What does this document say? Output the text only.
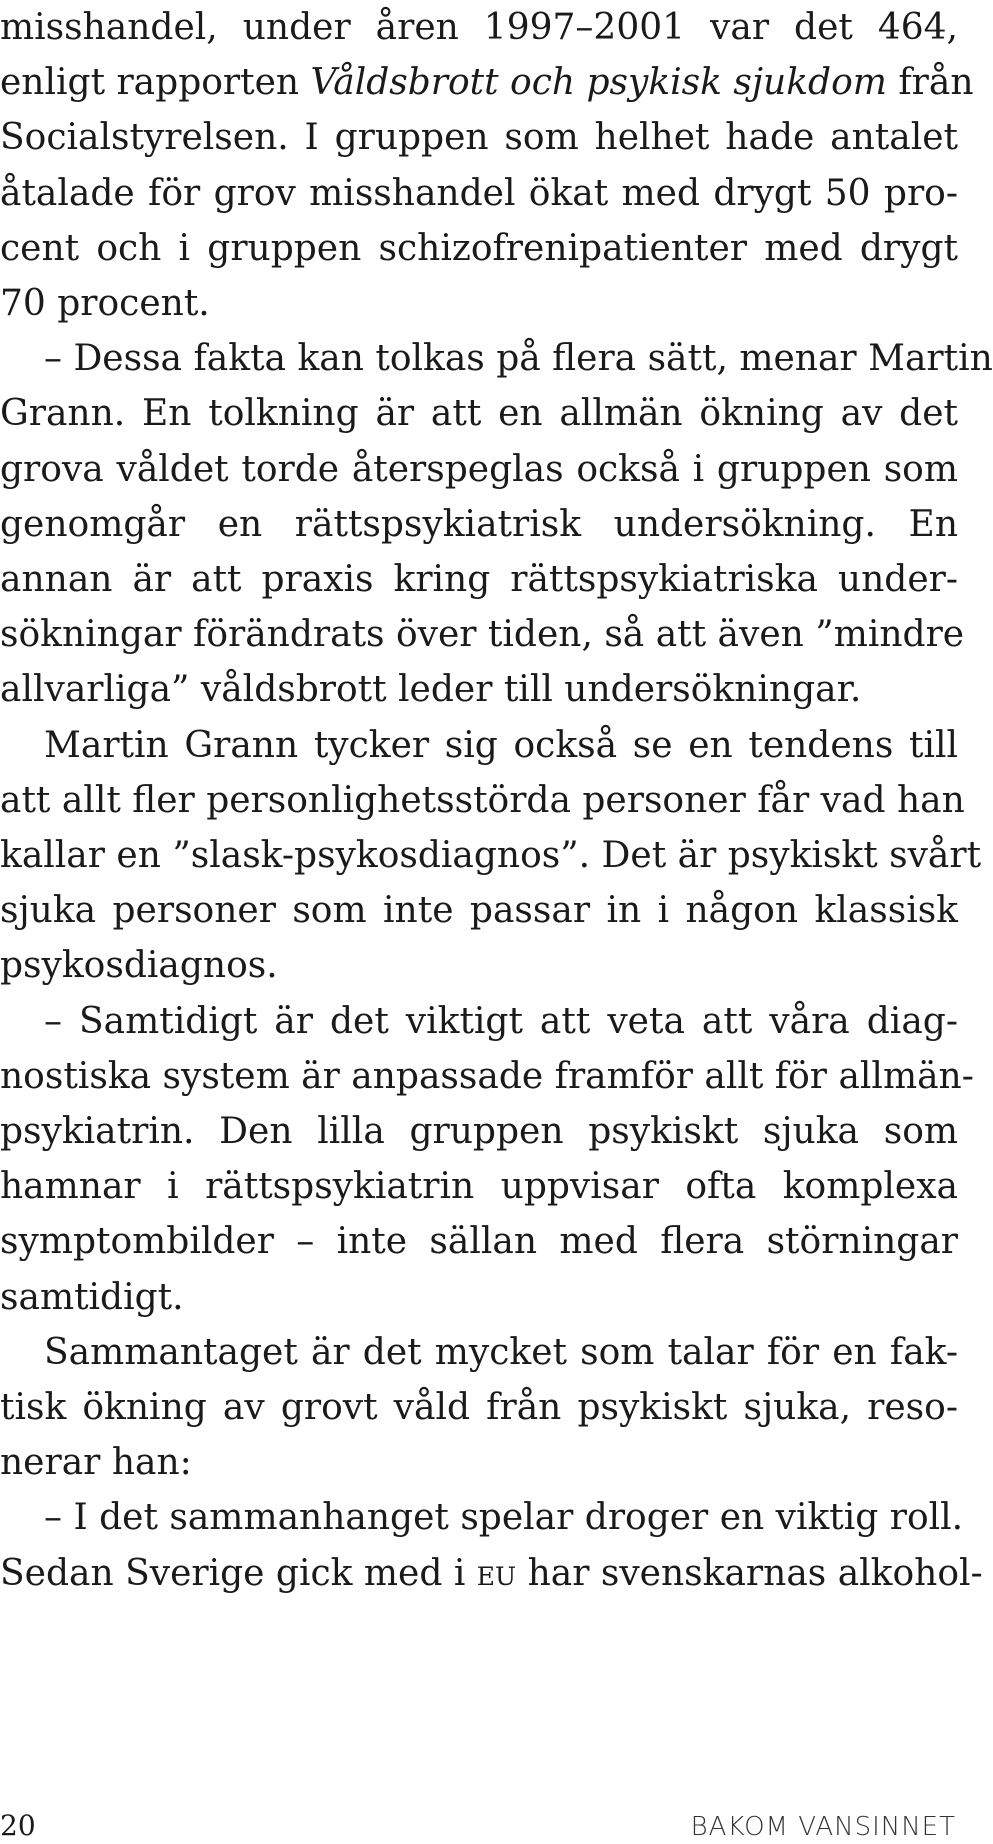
misshandel, under åren 1997–2001 var det 464,
enligt rapporten Våldsbrott och psykisk sjukdom från
Socialstyrelsen. I gruppen som helhet hade antalet
åtalade för grov misshandel ökat med drygt 50 pro-
cent och i gruppen schizofrenipatienter med drygt
70 procent.
– Dessa fakta kan tolkas på flera sätt, menar Martin
Grann. En tolkning är att en allmän ökning av det
grova våldet torde återspeglas också i gruppen som
genomgår en rättspsykiatrisk undersökning. En
annan är att praxis kring rättspsykiatriska under-
sökningar förändrats över tiden, så att även ”mindre
allvarliga” våldsbrott leder till undersökningar.
Martin Grann tycker sig också se en tendens till
att allt fler personlighetsstörda personer får vad han
kallar en ”slask-psykosdiagnos”. Det är psykiskt svårt
sjuka personer som inte passar in i någon klassisk
psykosdiagnos.
– Samtidigt är det viktigt att veta att våra diag-
nostiska system är anpassade framför allt för allmän-
psykiatrin. Den lilla gruppen psykiskt sjuka som
hamnar i rättspsykiatrin uppvisar ofta komplexa
symptombilder – inte sällan med flera störningar
samtidigt.
Sammantaget är det mycket som talar för en fak-
tisk ökning av grovt våld från psykiskt sjuka, reso-
nerar han:
– I det sammanhanget spelar droger en viktig roll.
Sedan Sverige gick med i eu har svenskarnas alkohol-
20	BAKOM VANSINNET
